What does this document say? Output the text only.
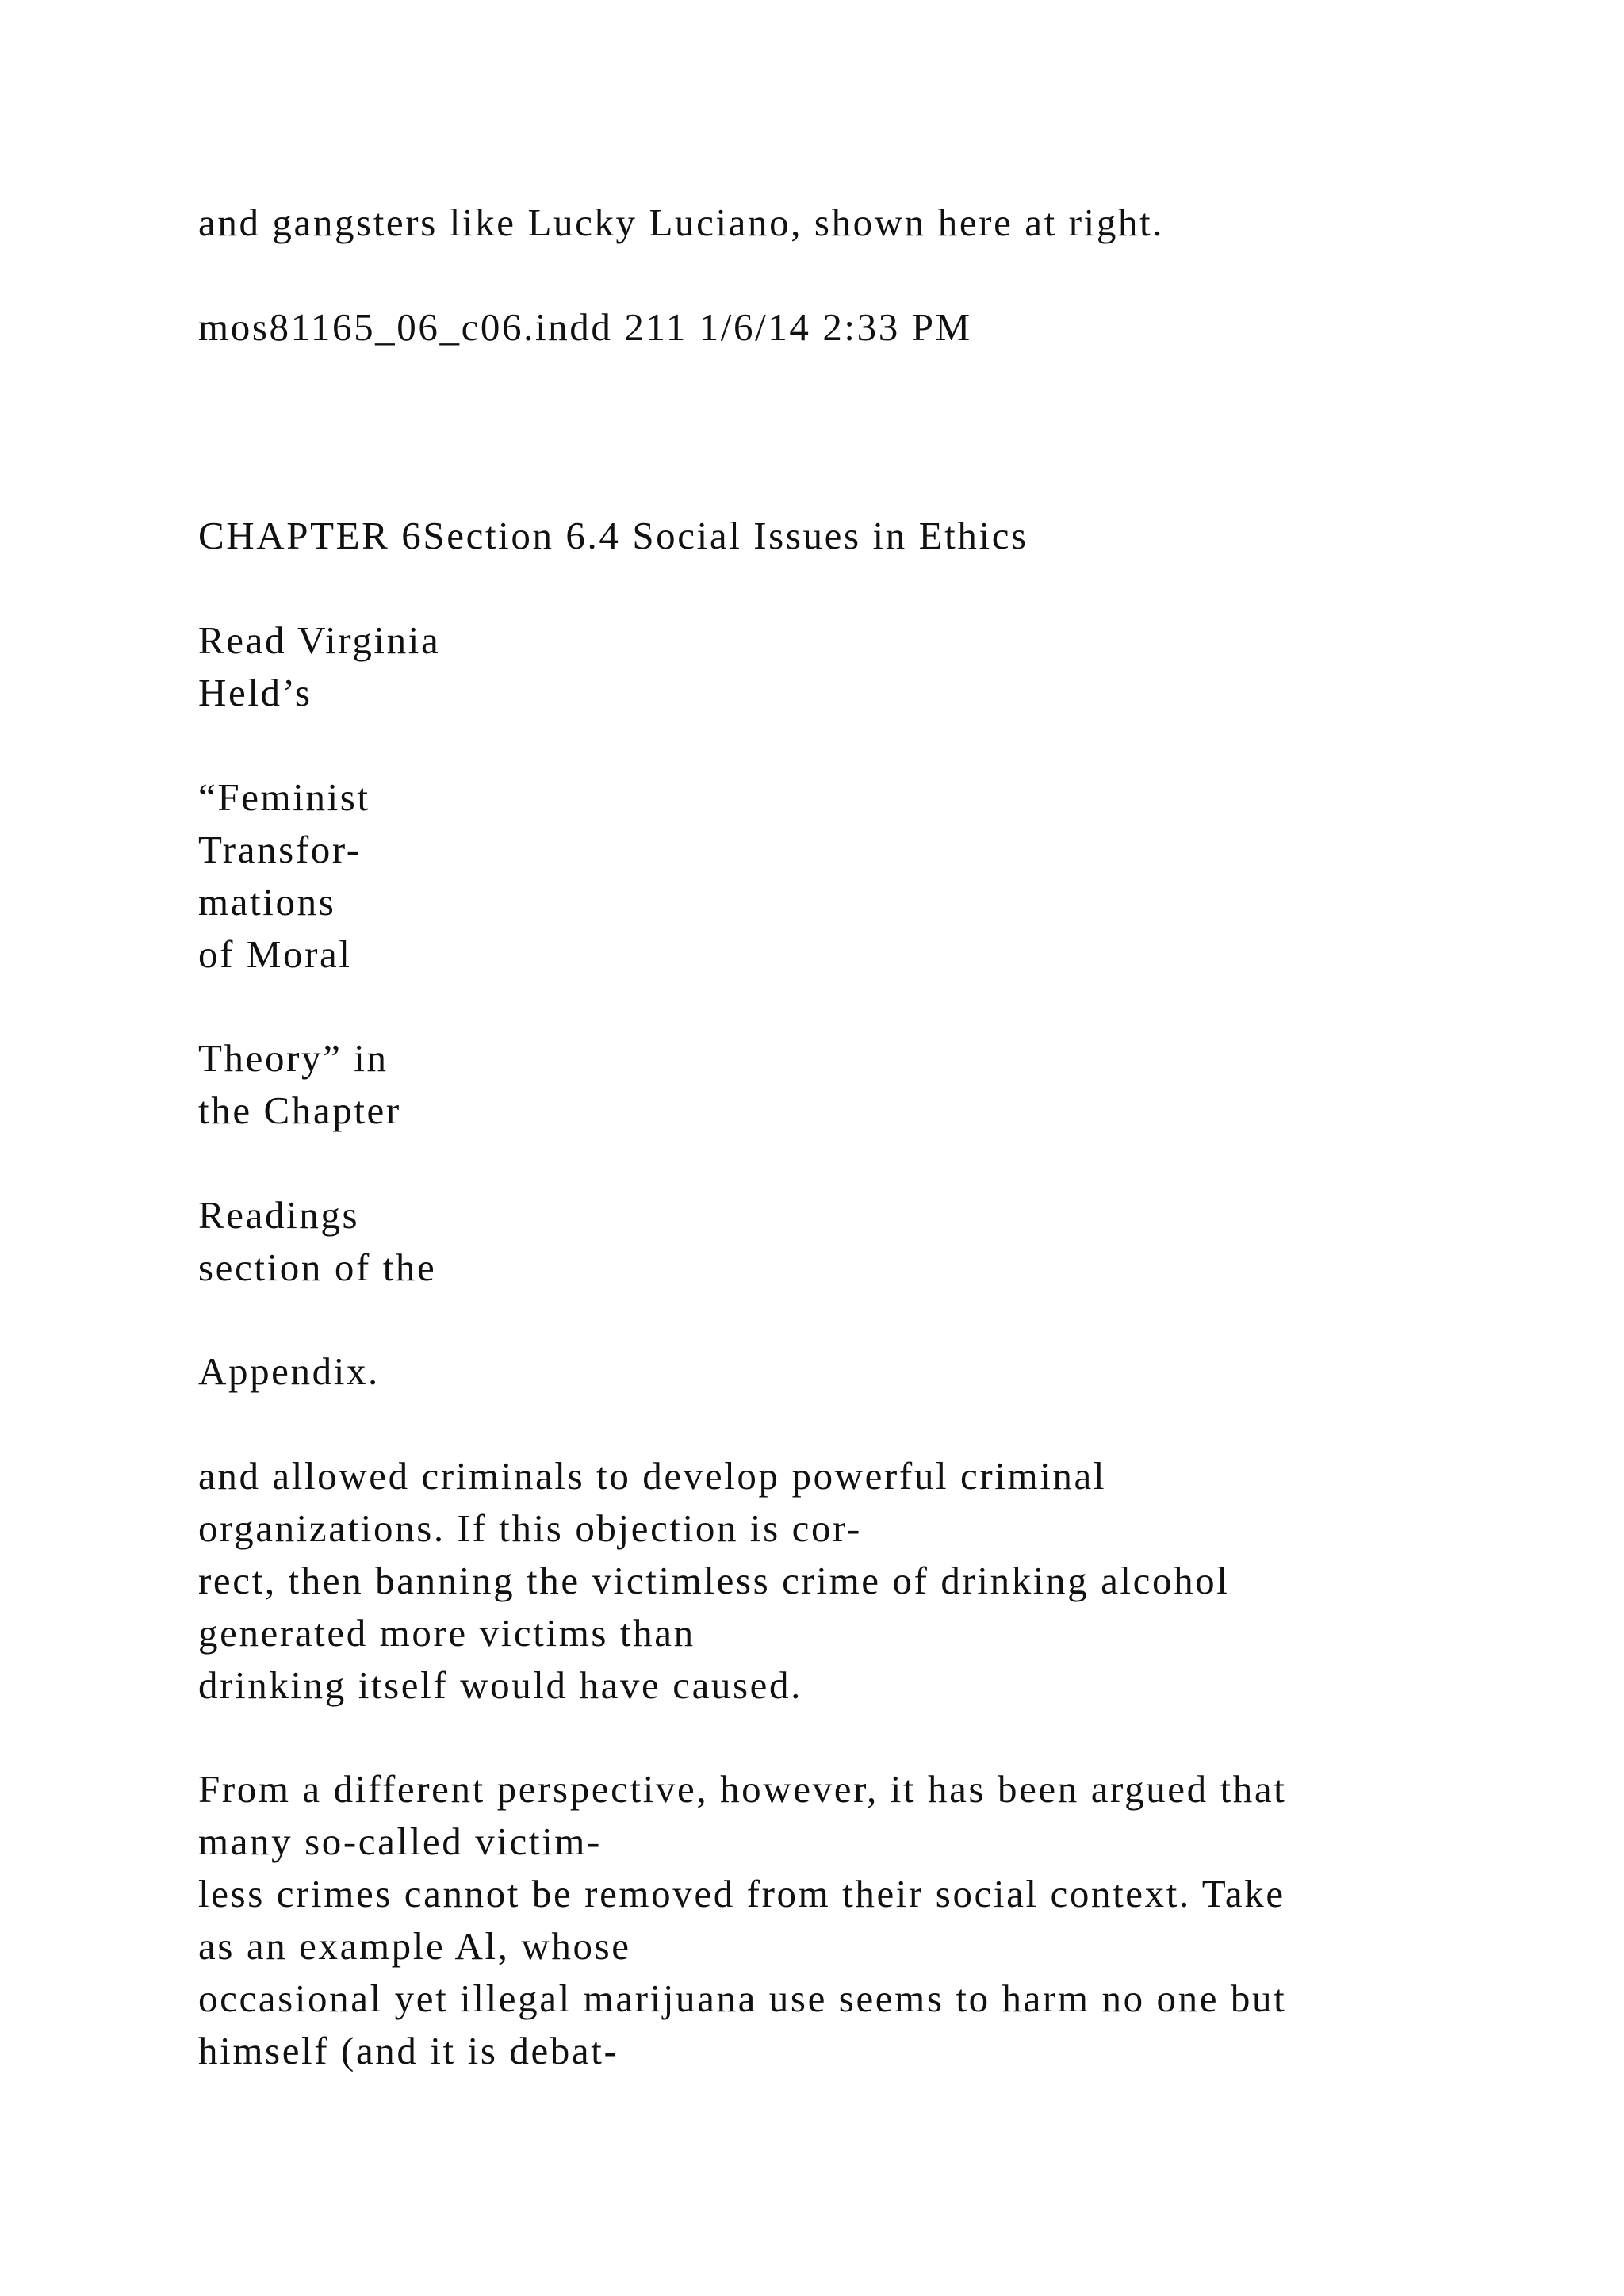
and gangsters like Lucky Luciano, shown here at right.

mos81165_06_c06.indd 211 1/6/14 2:33 PM

CHAPTER 6Section 6.4 Social Issues in Ethics

Read Virginia
Held’s

“Feminist
Transfor-
mations
of Moral

Theory” in
the Chapter

Readings
section of the

Appendix.

and allowed criminals to develop powerful criminal
organizations. If this objection is cor-
rect, then banning the victimless crime of drinking alcohol
generated more victims than
drinking itself would have caused.

From a different perspective, however, it has been argued that
many so-called victim-
less crimes cannot be removed from their social context. Take
as an example Al, whose
occasional yet illegal marijuana use seems to harm no one but
himself (and it is debat-
